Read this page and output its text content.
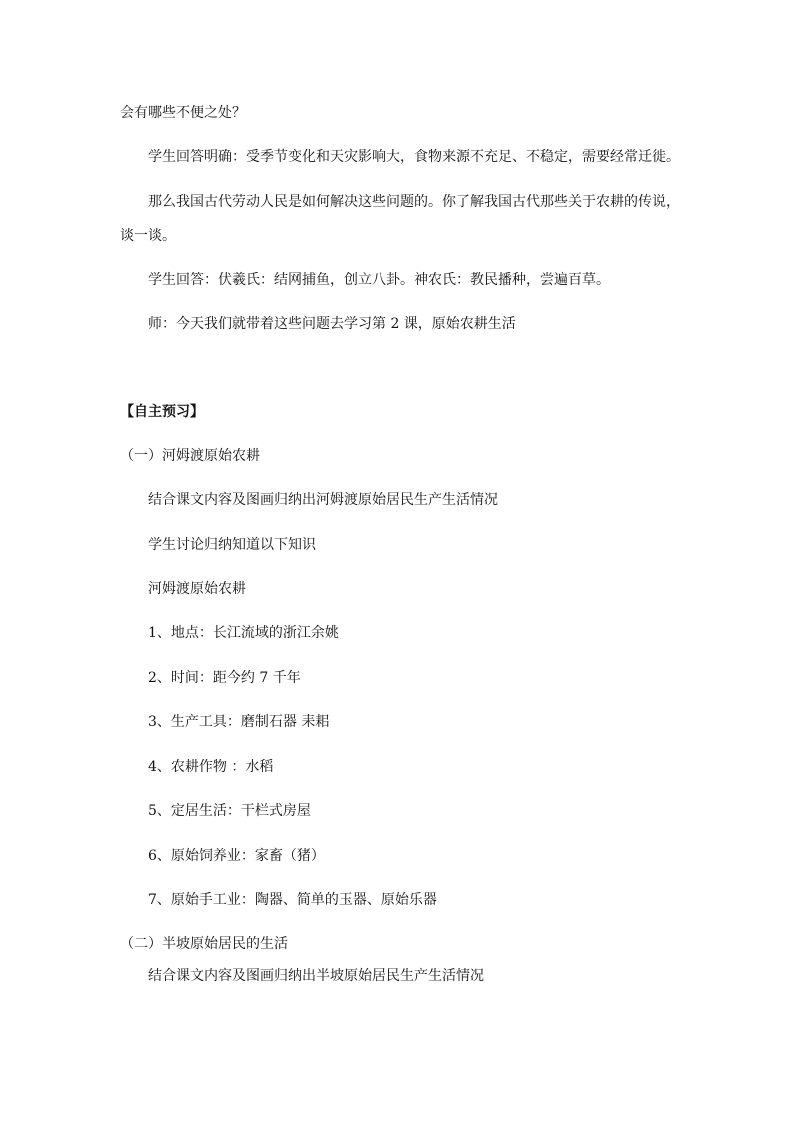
会有哪些不便之处？
学生回答明确：受季节变化和天灾影响大，食物来源不充足、不稳定，需要经常迁徙。
那么我国古代劳动人民是如何解决这些问题的。你了解我国古代那些关于农耕的传说，
谈一谈。
学生回答：伏羲氏：结网捕鱼，创立八卦。神农氏：教民播种，尝遍百草。
师：今天我们就带着这些问题去学习第 2 课，原始农耕生活
【自主预习】
（一）河姆渡原始农耕
结合课文内容及图画归纳出河姆渡原始居民生产生活情况
学生讨论归纳知道以下知识
河姆渡原始农耕
1、地点：长江流域的浙江余姚
2、时间：距今约 7 千年
3、生产工具：磨制石器 耒耜
4、农耕作物 ：水稻
5、定居生活：干栏式房屋
6、原始饲养业：家畜（猪）
7、原始手工业：陶器、简单的玉器、原始乐器
（二）半坡原始居民的生活
结合课文内容及图画归纳出半坡原始居民生产生活情况
